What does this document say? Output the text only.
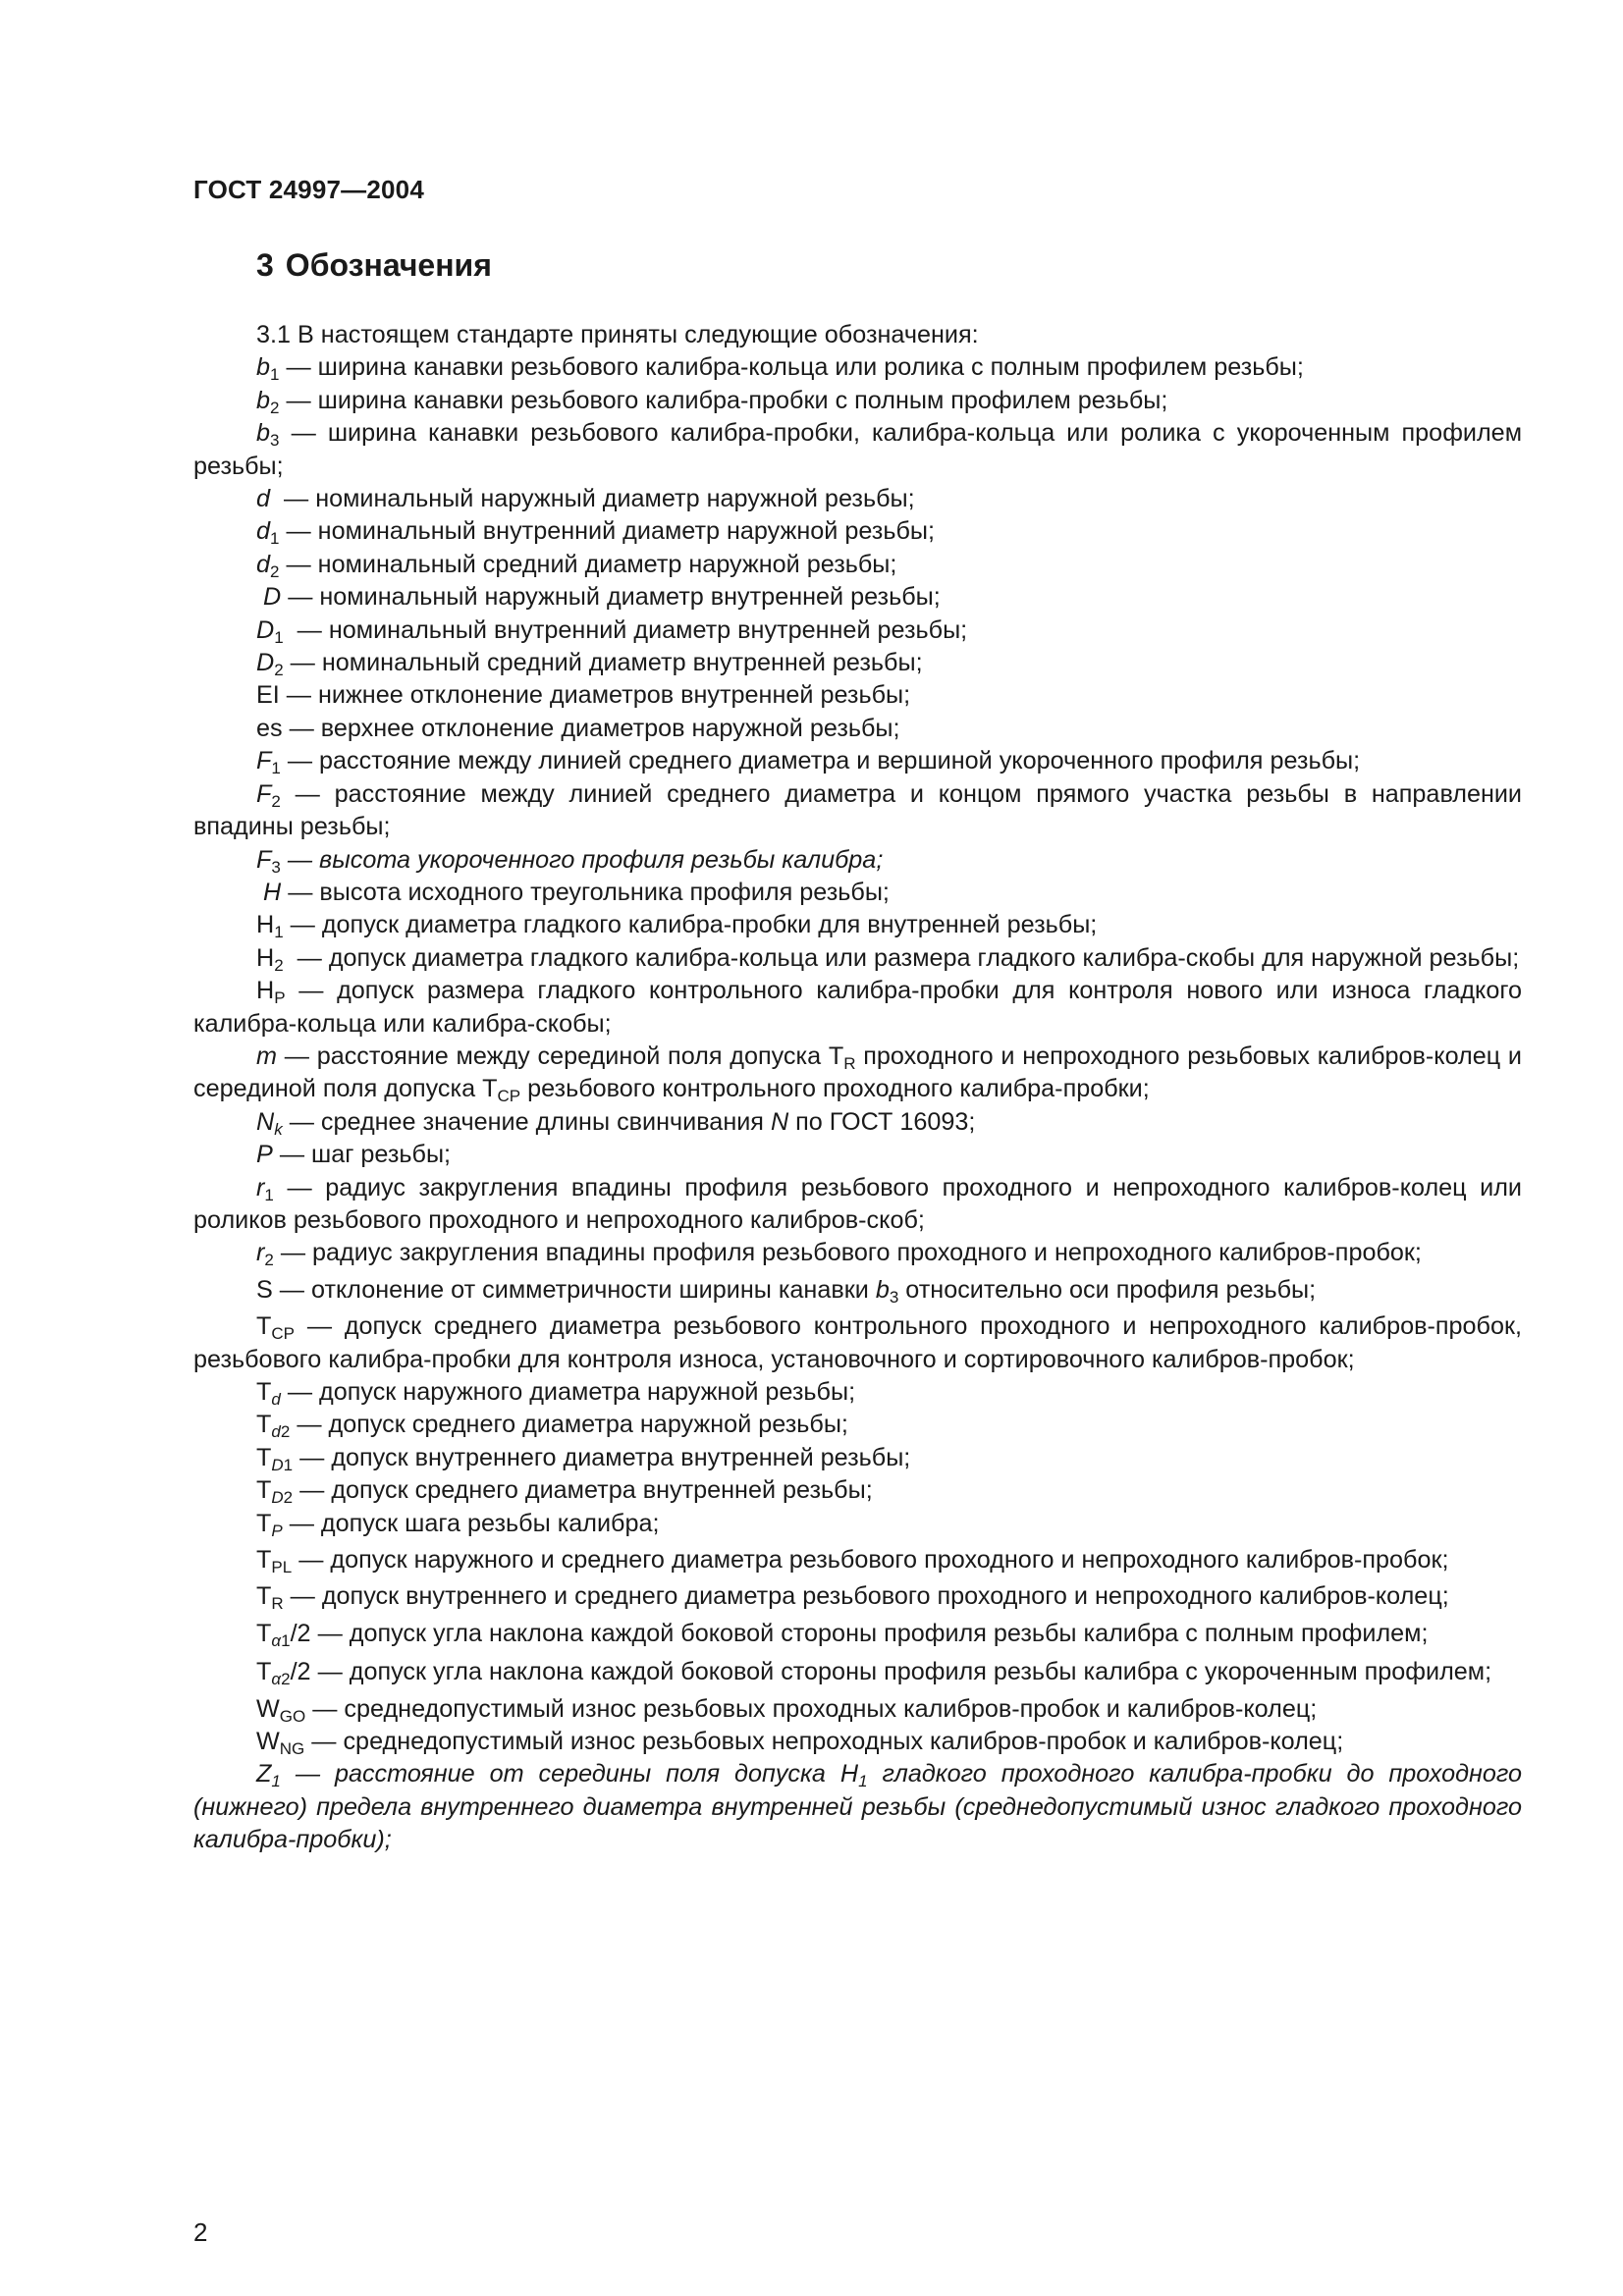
ГОСТ 24997—2004
3 Обозначения

3.1 В настоящем стандарте приняты следующие обозначения:

$b_1$ — ширина канавки резьбового калибра-кольца или ролика с полным профилем резьбы;

$b_2$ — ширина канавки резьбового калибра-пробки с полным профилем резьбы;

$b_3$ — ширина канавки резьбового калибра-пробки, калибра-кольца или ролика с укороченным профилем резьбы;

d — номинальный наружный диаметр наружной резьбы;

$d_1$ — номинальный внутренний диаметр наружной резьбы;

$d_2$ — номинальный средний диаметр наружной резьбы;

D — номинальный наружный диаметр внутренней резьбы;

$D_1$ — номинальный внутренний диаметр внутренней резьбы;

$D_2$ — номинальный средний диаметр внутренней резьбы;

EI — нижнее отклонение диаметров внутренней резьбы;

es — верхнее отклонение диаметров наружной резьбы;

$F_1$ — расстояние между линией среднего диаметра и вершиной укороченного профиля резьбы;

$F_2$ — расстояние между линией среднего диаметра и концом прямого участка резьбы в направлении впадины резьбы;

$F_3$ — высота укороченного профиля резьбы калибра;

H — высота исходного треугольника профиля резьбы;

$H_1$ — допуск диаметра гладкого калибра-пробки для внутренней резьбы;

$H_2$ — допуск диаметра гладкого калибра-кольца или размера гладкого калибра-скобы для наружной резьбы;

$H_P$ — допуск размера гладкого контрольного калибра-пробки для контроля нового или износа гладкого калибра-кольца или калибра-скобы;

m — расстояние между серединой поля допуска $T_R$ проходного и непроходного резьбовых калибров-колец и серединой поля допуска $T_{CP}$ резьбового контрольного проходного калибра-пробки;

$N_k$ — среднее значение длины свинчивания N по ГОСТ 16093;

P — шаг резьбы;

$r_1$ — радиус закругления впадины профиля резьбового проходного и непроходного калибров-колец или роликов резьбового проходного и непроходного калибров-скоб;

$r_2$ — радиус закругления впадины профиля резьбового проходного и непроходного калибров-пробок;

S — отклонение от симметричности ширины канавки $b_3$ относительно оси профиля резьбы;

$T_{CP}$ — допуск среднего диаметра резьбового контрольного проходного и непроходного калибров-пробок, резьбового калибра-пробки для контроля износа, установочного и сортировочного калибров-пробок;

$T_d$ — допуск наружного диаметра наружной резьбы;

$T_{d2}$ — допуск среднего диаметра наружной резьбы;

$T_{D1}$ — допуск внутреннего диаметра внутренней резьбы;

$T_{D2}$ — допуск среднего диаметра внутренней резьбы;

$T_P$ — допуск шага резьбы калибра;

$T_{PL}$ — допуск наружного и среднего диаметра резьбового проходного и непроходного калибров-пробок;

$T_R$ — допуск внутреннего и среднего диаметра резьбового проходного и непроходного калибров-колец;

$T_{\alpha 1}/2$ — допуск угла наклона каждой боковой стороны профиля резьбы калибра с полным профилем;

$T_{\alpha 2}/2$ — допуск угла наклона каждой боковой стороны профиля резьбы калибра с укороченным профилем;

$W_{GO}$ — среднедопустимый износ резьбовых проходных калибров-пробок и калибров-колец;

$W_{NG}$ — среднедопустимый износ резьбовых непроходных калибров-пробок и калибров-колец;

$Z_1$ — расстояние от середины поля допуска $H_1$ гладкого проходного калибра-пробки до проходного (нижнего) предела внутреннего диаметра внутренней резьбы (среднедопустимый износ гладкого проходного калибра-пробки);

2
